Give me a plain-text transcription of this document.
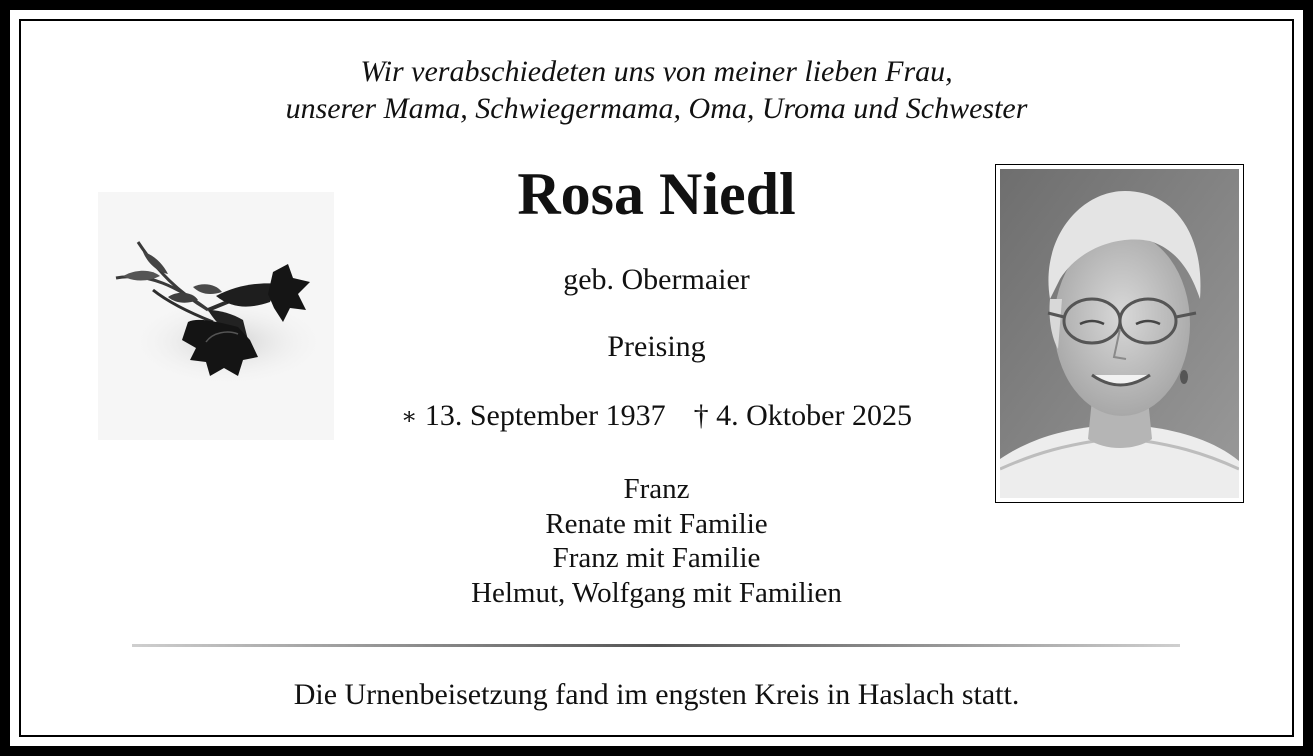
Wir verabschiedeten uns von meiner lieben Frau,
unserer Mama, Schwiegermama, Oma, Uroma und Schwester
Rosa Niedl
geb. Obermaier
Preising
∗ 13. September 1937 † 4. Oktober 2025
Franz
Renate mit Familie
Franz mit Familie
Helmut, Wolfgang mit Familien
Die Urnenbeisetzung fand im engsten Kreis in Haslach statt.
